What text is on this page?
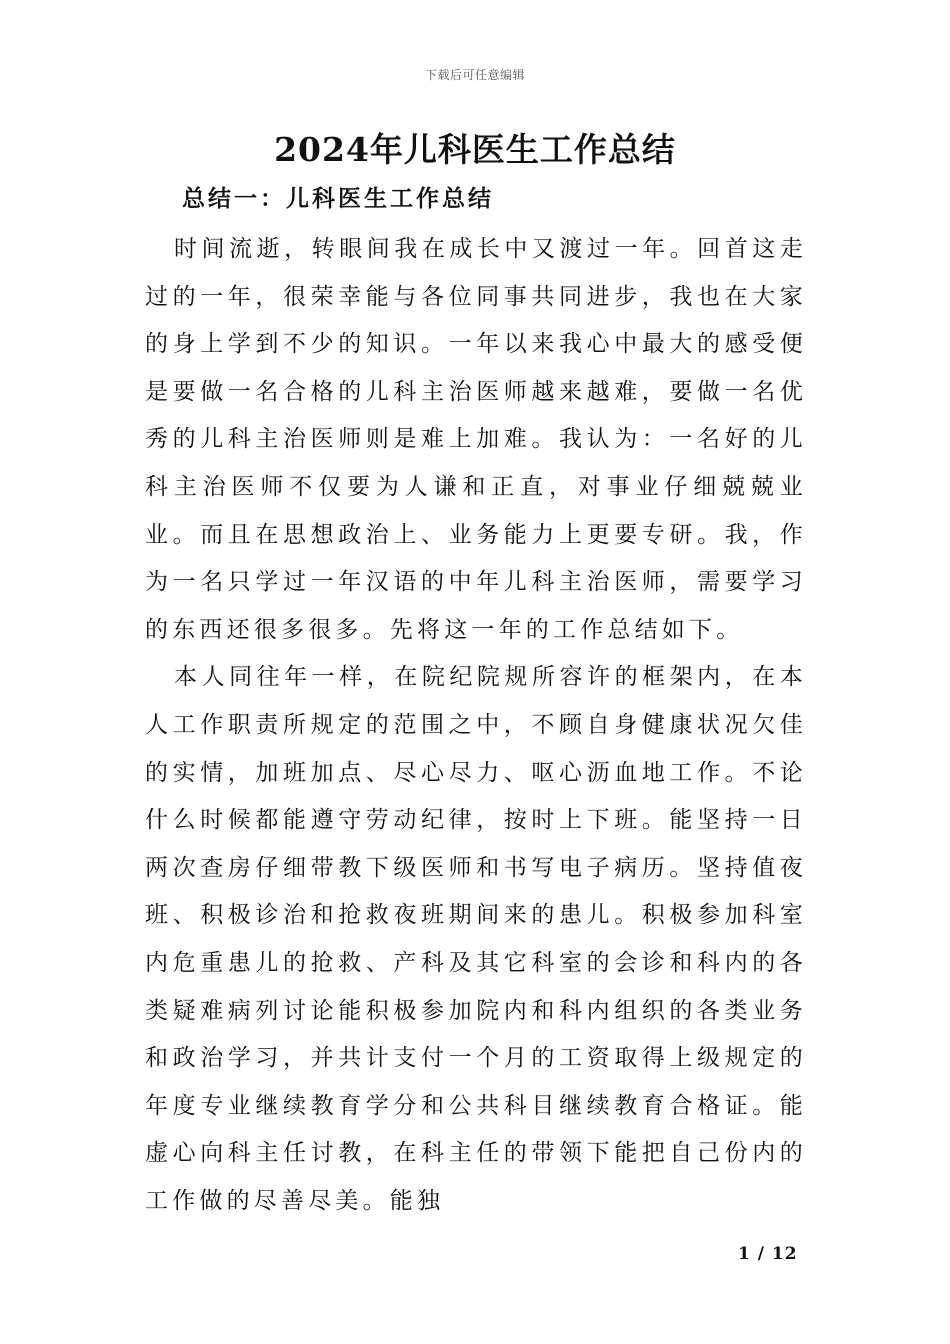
下载后可任意编辑
2024年儿科医生工作总结
总结一：儿科医生工作总结

时间流逝，转眼间我在成长中又渡过一年。回首这走过的一年，很荣幸能与各位同事共同进步，我也在大家的身上学到不少的知识。一年以来我心中最大的感受便是要做一名合格的儿科主治医师越来越难，要做一名优秀的儿科主治医师则是难上加难。我认为：一名好的儿科主治医师不仅要为人谦和正直，对事业仔细兢兢业业。而且在思想政治上、业务能力上更要专研。我，作为一名只学过一年汉语的中年儿科主治医师，需要学习的东西还很多很多。先将这一年的工作总结如下。

本人同往年一样，在院纪院规所容许的框架内，在本人工作职责所规定的范围之中，不顾自身健康状况欠佳的实情，加班加点、尽心尽力、呕心沥血地工作。不论什么时候都能遵守劳动纪律，按时上下班。能坚持一日两次查房仔细带教下级医师和书写电子病历。坚持值夜班、积极诊治和抢救夜班期间来的患儿。积极参加科室内危重患儿的抢救、产科及其它科室的会诊和科内的各类疑难病列讨论能积极参加院内和科内组织的各类业务和政治学习，并共计支付一个月的工资取得上级规定的年度专业继续教育学分和公共科目继续教育合格证。能虚心向科主任讨教，在科主任的带领下能把自己份内的工作做的尽善尽美。能独

1 / 12
